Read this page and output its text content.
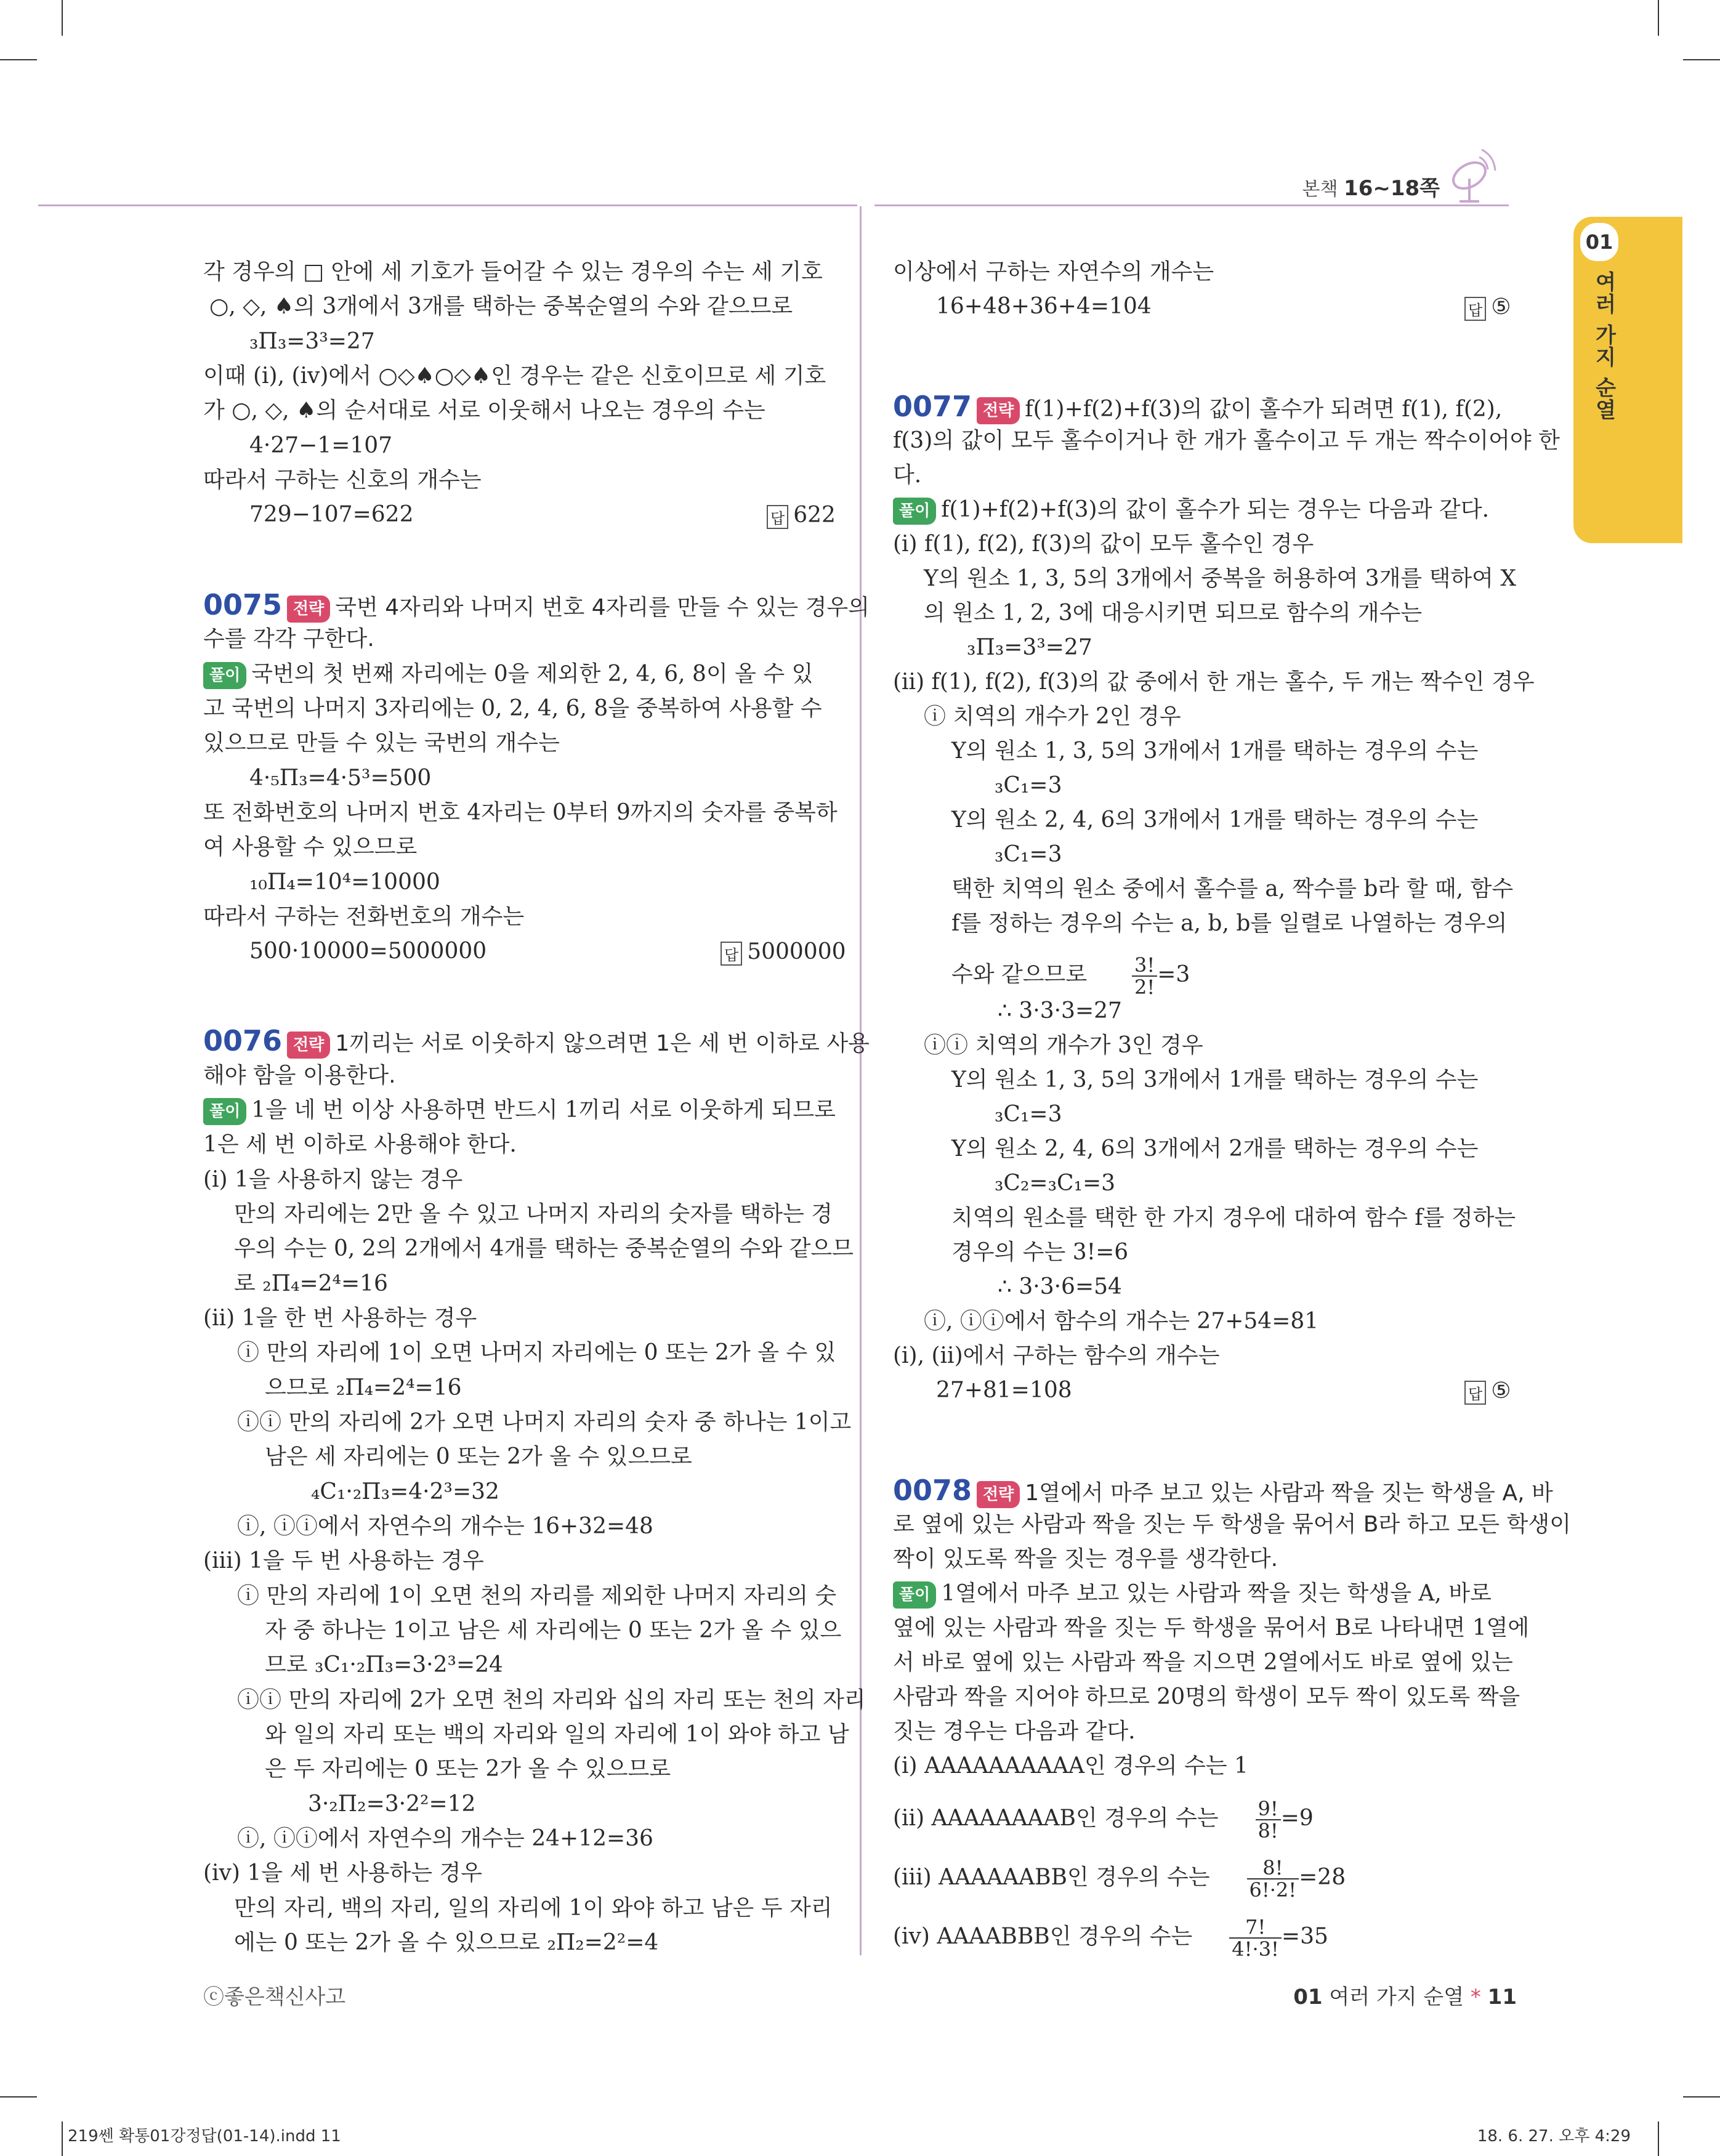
본책 16~18쪽
01
여러 가지 순열
각 경우의 □ 안에 세 기호가 들어갈 수 있는 경우의 수는 세 기호
○, ◇, ♠의 3개에서 3개를 택하는 중복순열의 수와 같으므로
₃Π₃=3³=27
이때 (i), (ⅳ)에서 ○◇♠○◇♠인 경우는 같은 신호이므로 세 기호
가 ○, ◇, ♠의 순서대로 서로 이웃해서 나오는 경우의 수는
4·27−1=107
따라서 구하는 신호의 개수는
729−107=622	답 622
0075 전략 국번 4자리와 나머지 번호 4자리를 만들 수 있는 경우의
수를 각각 구한다.
풀이 국번의 첫 번째 자리에는 0을 제외한 2, 4, 6, 8이 올 수 있
고 국번의 나머지 3자리에는 0, 2, 4, 6, 8을 중복하여 사용할 수
있으므로 만들 수 있는 국번의 개수는
4·₅Π₃=4·5³=500
또 전화번호의 나머지 번호 4자리는 0부터 9까지의 숫자를 중복하
여 사용할 수 있으므로
₁₀Π₄=10⁴=10000
따라서 구하는 전화번호의 개수는
500·10000=5000000	답 5000000
0076 전략 1끼리는 서로 이웃하지 않으려면 1은 세 번 이하로 사용
해야 함을 이용한다.
풀이 1을 네 번 이상 사용하면 반드시 1끼리 서로 이웃하게 되므로
1은 세 번 이하로 사용해야 한다.
(i) 1을 사용하지 않는 경우
만의 자리에는 2만 올 수 있고 나머지 자리의 숫자를 택하는 경
우의 수는 0, 2의 2개에서 4개를 택하는 중복순열의 수와 같으므
로 ₂Π₄=2⁴=16
(ii) 1을 한 번 사용하는 경우
ⓘ 만의 자리에 1이 오면 나머지 자리에는 0 또는 2가 올 수 있
으므로 ₂Π₄=2⁴=16
ⓘⓘ 만의 자리에 2가 오면 나머지 자리의 숫자 중 하나는 1이고
남은 세 자리에는 0 또는 2가 올 수 있으므로
₄C₁·₂Π₃=4·2³=32
ⓘ, ⓘⓘ에서 자연수의 개수는 16+32=48
(iii) 1을 두 번 사용하는 경우
ⓘ 만의 자리에 1이 오면 천의 자리를 제외한 나머지 자리의 숫
자 중 하나는 1이고 남은 세 자리에는 0 또는 2가 올 수 있으
므로 ₃C₁·₂Π₃=3·2³=24
ⓘⓘ 만의 자리에 2가 오면 천의 자리와 십의 자리 또는 천의 자리
와 일의 자리 또는 백의 자리와 일의 자리에 1이 와야 하고 남
은 두 자리에는 0 또는 2가 올 수 있으므로
3·₂Π₂=3·2²=12
ⓘ, ⓘⓘ에서 자연수의 개수는 24+12=36
(ⅳ) 1을 세 번 사용하는 경우
만의 자리, 백의 자리, 일의 자리에 1이 와야 하고 남은 두 자리
에는 0 또는 2가 올 수 있으므로 ₂Π₂=2²=4
이상에서 구하는 자연수의 개수는
16+48+36+4=104	답 ⑤
0077 전략 f(1)+f(2)+f(3)의 값이 홀수가 되려면 f(1), f(2),
f(3)의 값이 모두 홀수이거나 한 개가 홀수이고 두 개는 짝수이어야 한
다.
풀이 f(1)+f(2)+f(3)의 값이 홀수가 되는 경우는 다음과 같다.
(i) f(1), f(2), f(3)의 값이 모두 홀수인 경우
Y의 원소 1, 3, 5의 3개에서 중복을 허용하여 3개를 택하여 X
의 원소 1, 2, 3에 대응시키면 되므로 함수의 개수는
₃Π₃=3³=27
(ii) f(1), f(2), f(3)의 값 중에서 한 개는 홀수, 두 개는 짝수인 경우
ⓘ 치역의 개수가 2인 경우
Y의 원소 1, 3, 5의 3개에서 1개를 택하는 경우의 수는
₃C₁=3
Y의 원소 2, 4, 6의 3개에서 1개를 택하는 경우의 수는
₃C₁=3
택한 치역의 원소 중에서 홀수를 a, 짝수를 b라 할 때, 함수
f를 정하는 경우의 수는 a, b, b를 일렬로 나열하는 경우의
수와 같으므로 $\frac{3!}{2!} =3$
∴ 3·3·3=27
ⓘⓘ 치역의 개수가 3인 경우
Y의 원소 1, 3, 5의 3개에서 1개를 택하는 경우의 수는
₃C₁=3
Y의 원소 2, 4, 6의 3개에서 2개를 택하는 경우의 수는
₃C₂=₃C₁=3
치역의 원소를 택한 한 가지 경우에 대하여 함수 f를 정하는
경우의 수는 3!=6
∴ 3·3·6=54
ⓘ, ⓘⓘ에서 함수의 개수는 27+54=81
(i), (ii)에서 구하는 함수의 개수는
27+81=108	답 ⑤
0078 전략 1열에서 마주 보고 있는 사람과 짝을 짓는 학생을 A, 바
로 옆에 있는 사람과 짝을 짓는 두 학생을 묶어서 B라 하고 모든 학생이
짝이 있도록 짝을 짓는 경우를 생각한다.
풀이 1열에서 마주 보고 있는 사람과 짝을 짓는 학생을 A, 바로
옆에 있는 사람과 짝을 짓는 두 학생을 묶어서 B로 나타내면 1열에
서 바로 옆에 있는 사람과 짝을 지으면 2열에서도 바로 옆에 있는
사람과 짝을 지어야 하므로 20명의 학생이 모두 짝이 있도록 짝을
짓는 경우는 다음과 같다.
(i) AAAAAAAAAA인 경우의 수는 1
(ii) AAAAAAAAB인 경우의 수는 $\frac{9!}{8!} =9$
(iii) AAAAAABB인 경우의 수는 $\frac{8!}{6!\cdot 2!} =28$
(ⅳ) AAAABBB인 경우의 수는 $\frac{7!}{4!\cdot 3!} =35$
ⓒ좋은책신사고	01 여러 가지 순열 * 11
219쎈 확통01강정답(01-14).indd 11	18. 6. 27. 오후 4:29
